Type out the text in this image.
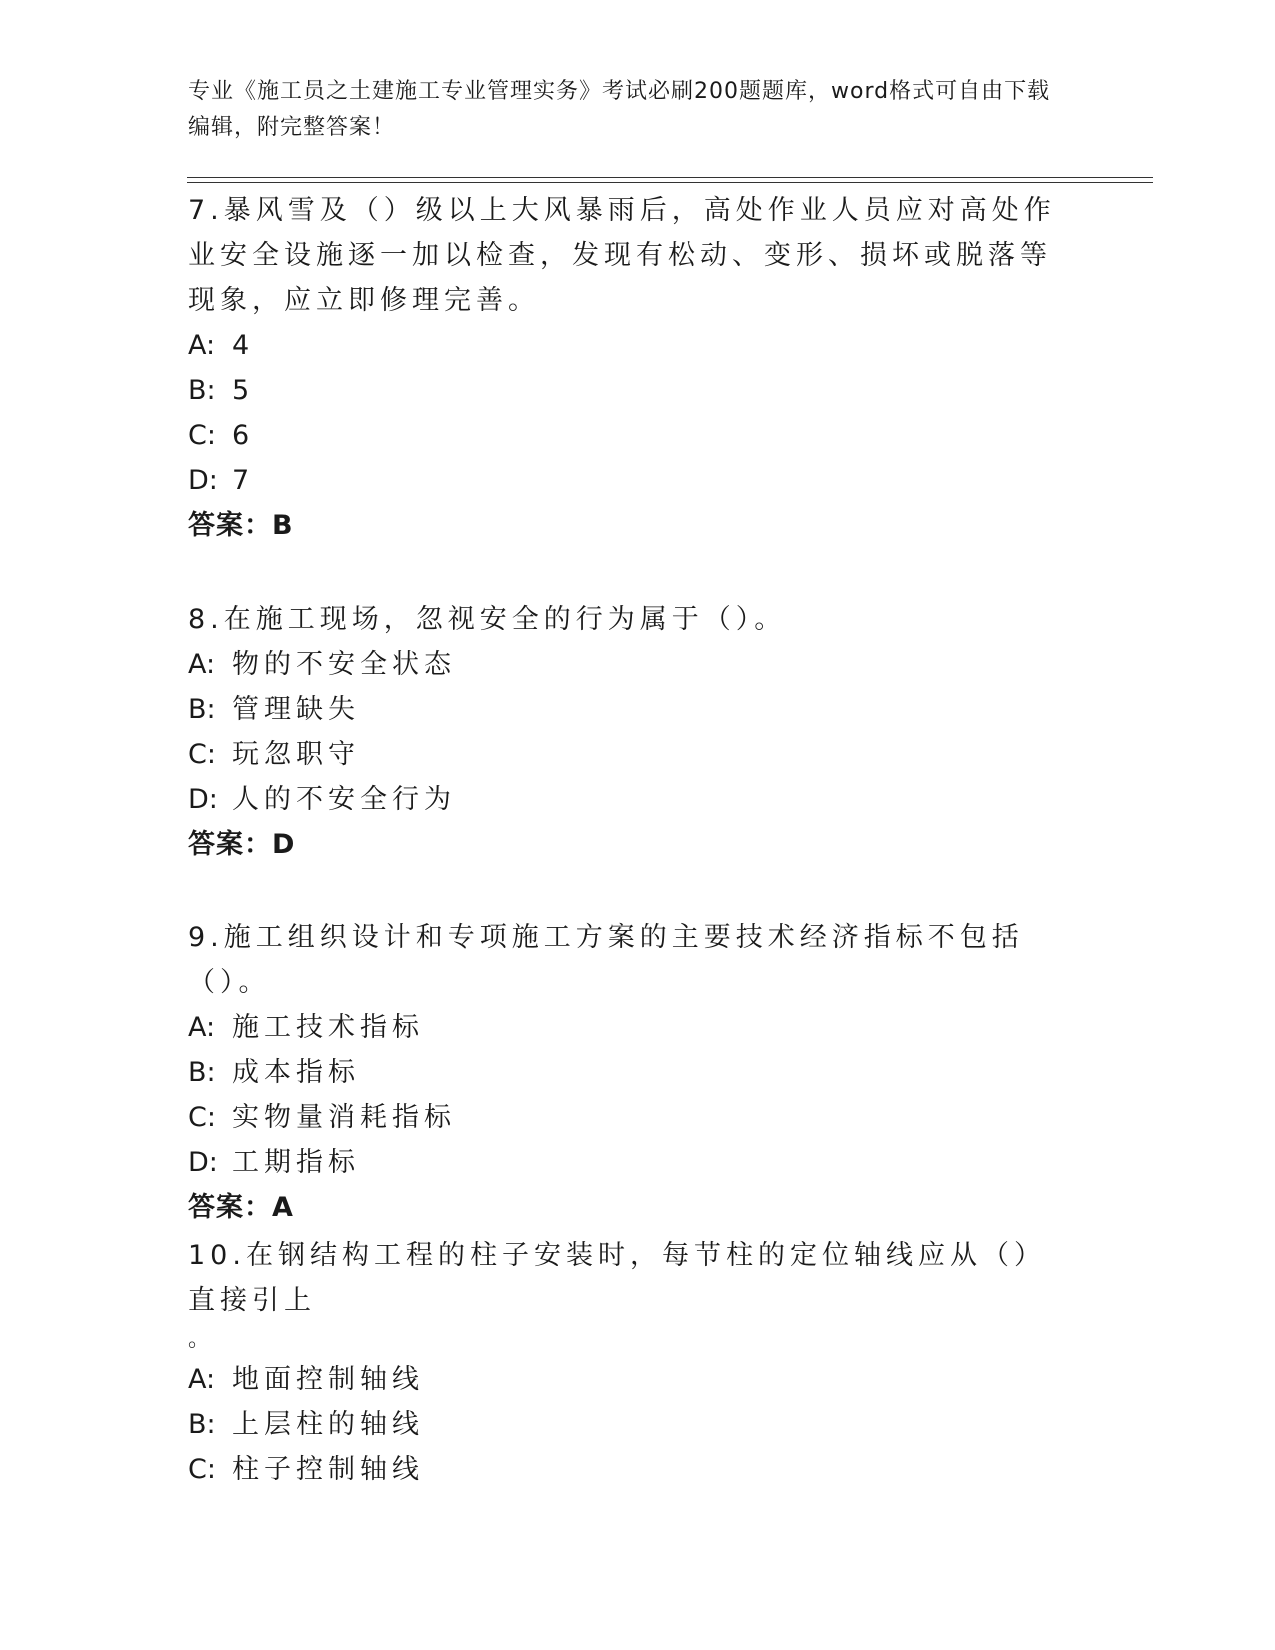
专业《施工员之土建施工专业管理实务》考试必刷200题题库，word格式可自由下载编辑，附完整答案！

7.暴风雪及（）级以上大风暴雨后，高处作业人员应对高处作业安全设施逐一加以检查，发现有松动、变形、损坏或脱落等现象，应立即修理完善。

A: 4

B: 5

C: 6

D: 7

答案：B

8.在施工现场，忽视安全的行为属于（）。

A: 物的不安全状态

B: 管理缺失

C: 玩忽职守

D: 人的不安全行为

答案：D

9.施工组织设计和专项施工方案的主要技术经济指标不包括（）。

A: 施工技术指标

B: 成本指标

C: 实物量消耗指标

D: 工期指标

答案：A

10.在钢结构工程的柱子安装时，每节柱的定位轴线应从（）直接引上
。

A: 地面控制轴线

B: 上层柱的轴线

C: 柱子控制轴线
